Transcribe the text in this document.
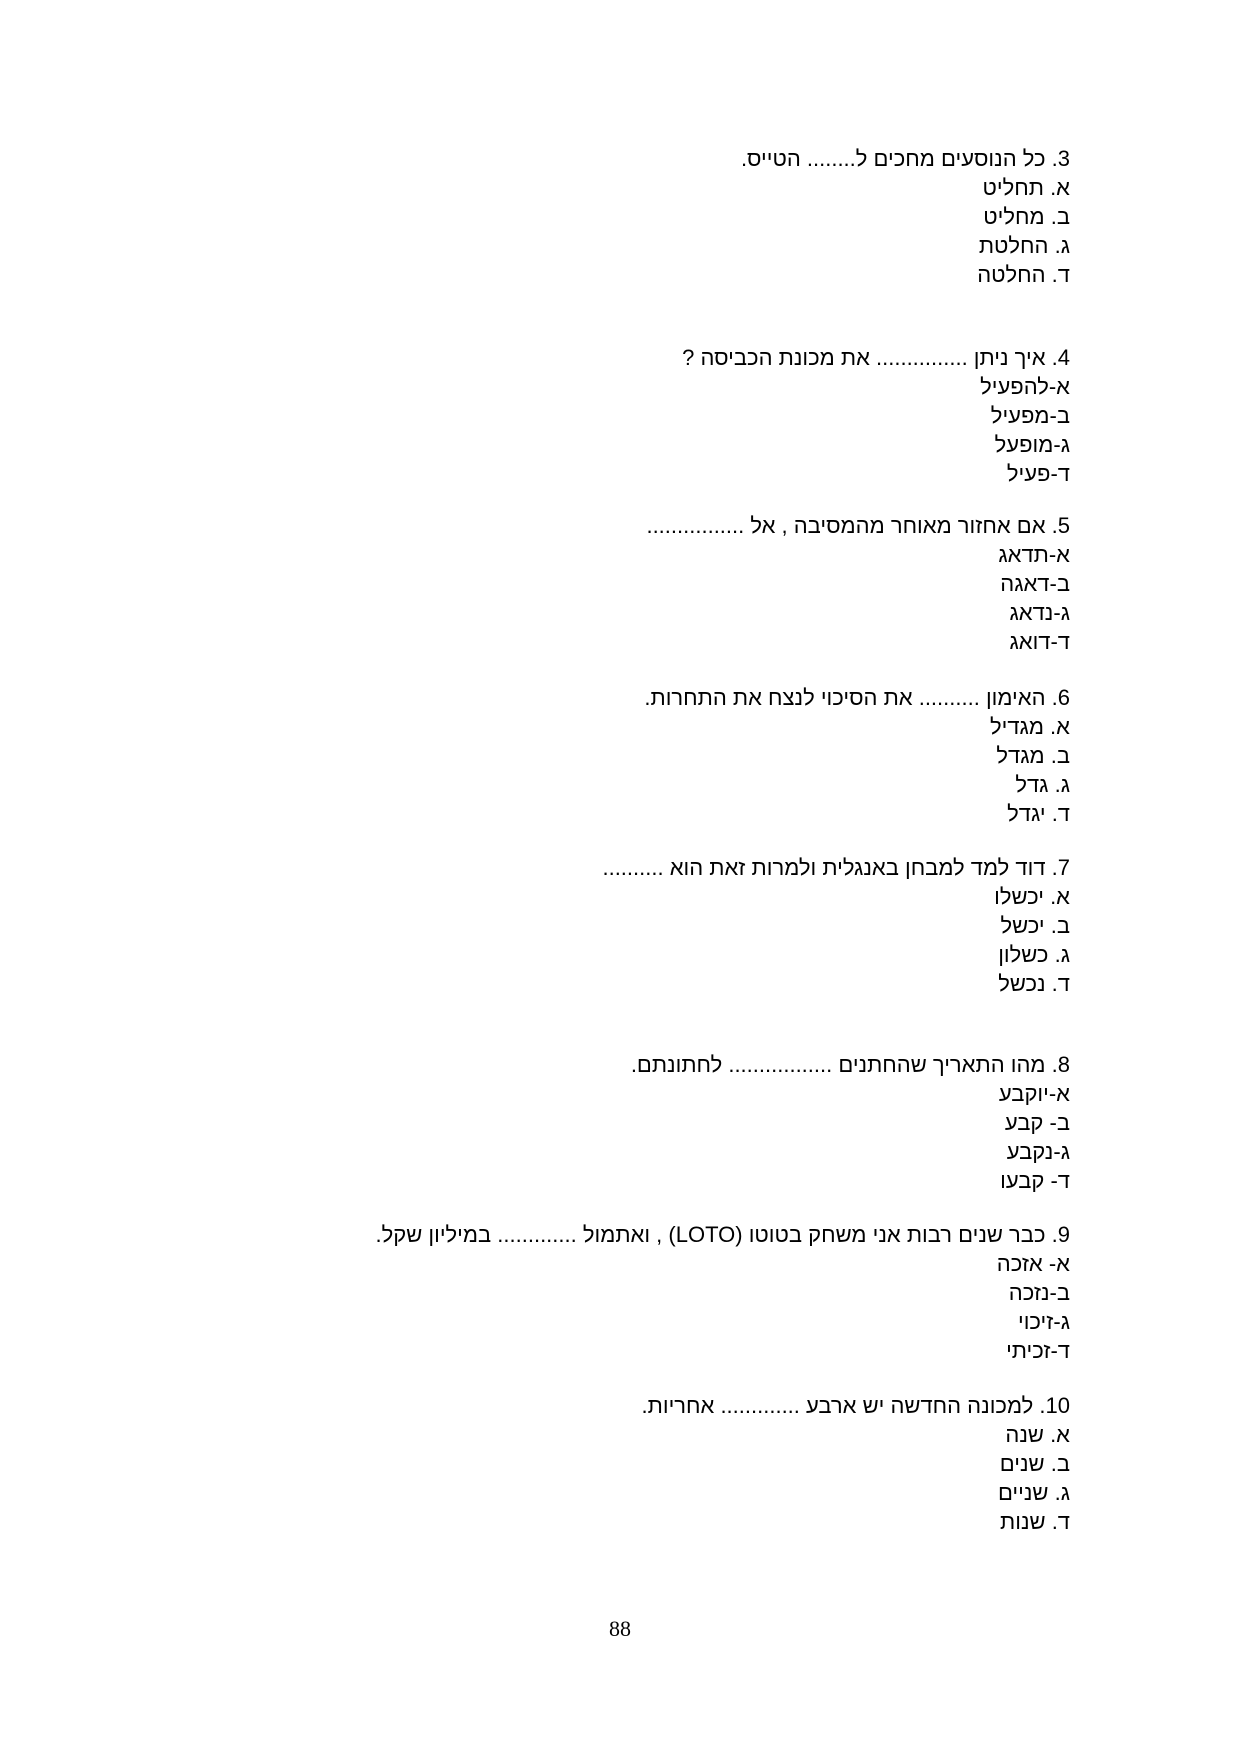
3. כל הנוסעים מחכים ל........ הטייס.
א. תחליט
ב. מחליט
ג. החלטת
ד. החלטה
4. איך ניתן ............... את מכונת הכביסה ?
א-להפעיל
ב-מפעיל
ג-מופעל
ד-פעיל
5. אם אחזור מאוחר מהמסיבה , אל ................
א-תדאג
ב-דאגה
ג-נדאג
ד-דואג
6. האימון .......... את הסיכוי לנצח את התחרות.
א. מגדיל
ב. מגדל
ג. גדל
ד. יגדל
7. דוד למד למבחן באנגלית ולמרות זאת הוא ..........
א. יכשלו
ב. יכשל
ג. כשלון
ד. נכשל
8. מהו התאריך שהחתנים ................. לחתונתם.
א-יוקבע
ב- קבע
ג-נקבע
ד- קבעו
9. כבר שנים רבות אני משחק בטוטו (LOTO) , ואתמול ............. במיליון שקל.
א- אזכה
ב-נזכה
ג-זיכוי
ד-זכיתי
10. למכונה החדשה יש ארבע ............. אחריות.
א. שנה
ב. שנים
ג. שניים
ד. שנות
88
